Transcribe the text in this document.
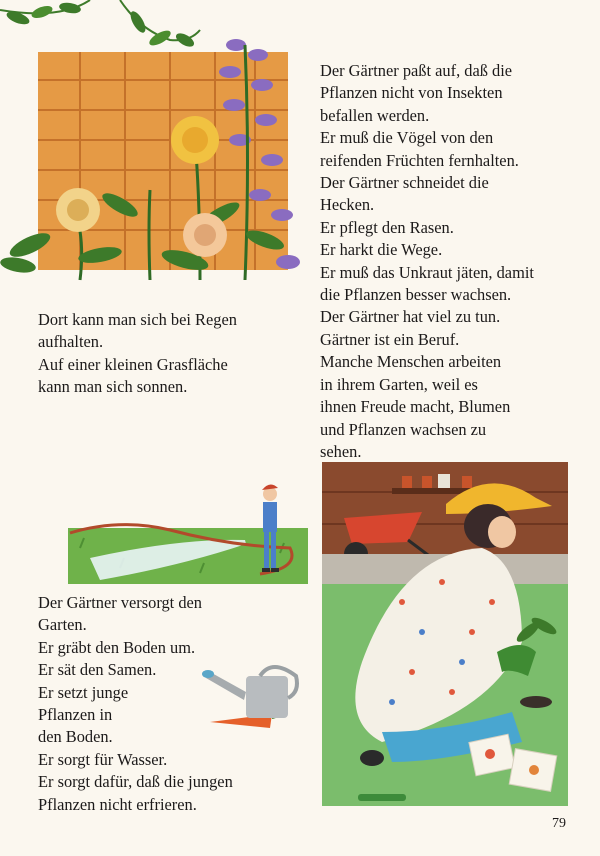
Dort kann man sich bei Regen
aufhalten.
Auf einer kleinen Grasfläche
kann man sich sonnen.
Der Gärtner paßt auf, daß die
Pflanzen nicht von Insekten
befallen werden.
Er muß die Vögel von den
reifenden Früchten fernhalten.
Der Gärtner schneidet die
Hecken.
Er pflegt den Rasen.
Er harkt die Wege.
Er muß das Unkraut jäten, damit
die Pflanzen besser wachsen.
Der Gärtner hat viel zu tun.
Gärtner ist ein Beruf.
Manche Menschen arbeiten
in ihrem Garten, weil es
ihnen Freude macht, Blumen
und Pflanzen wachsen zu
sehen.
Der Gärtner versorgt den
Garten.
Er gräbt den Boden um.
Er sät den Samen.
Er setzt junge
Pflanzen in
den Boden.
Er sorgt für Wasser.
Er sorgt dafür, daß die jungen
Pflanzen nicht erfrieren.
79
